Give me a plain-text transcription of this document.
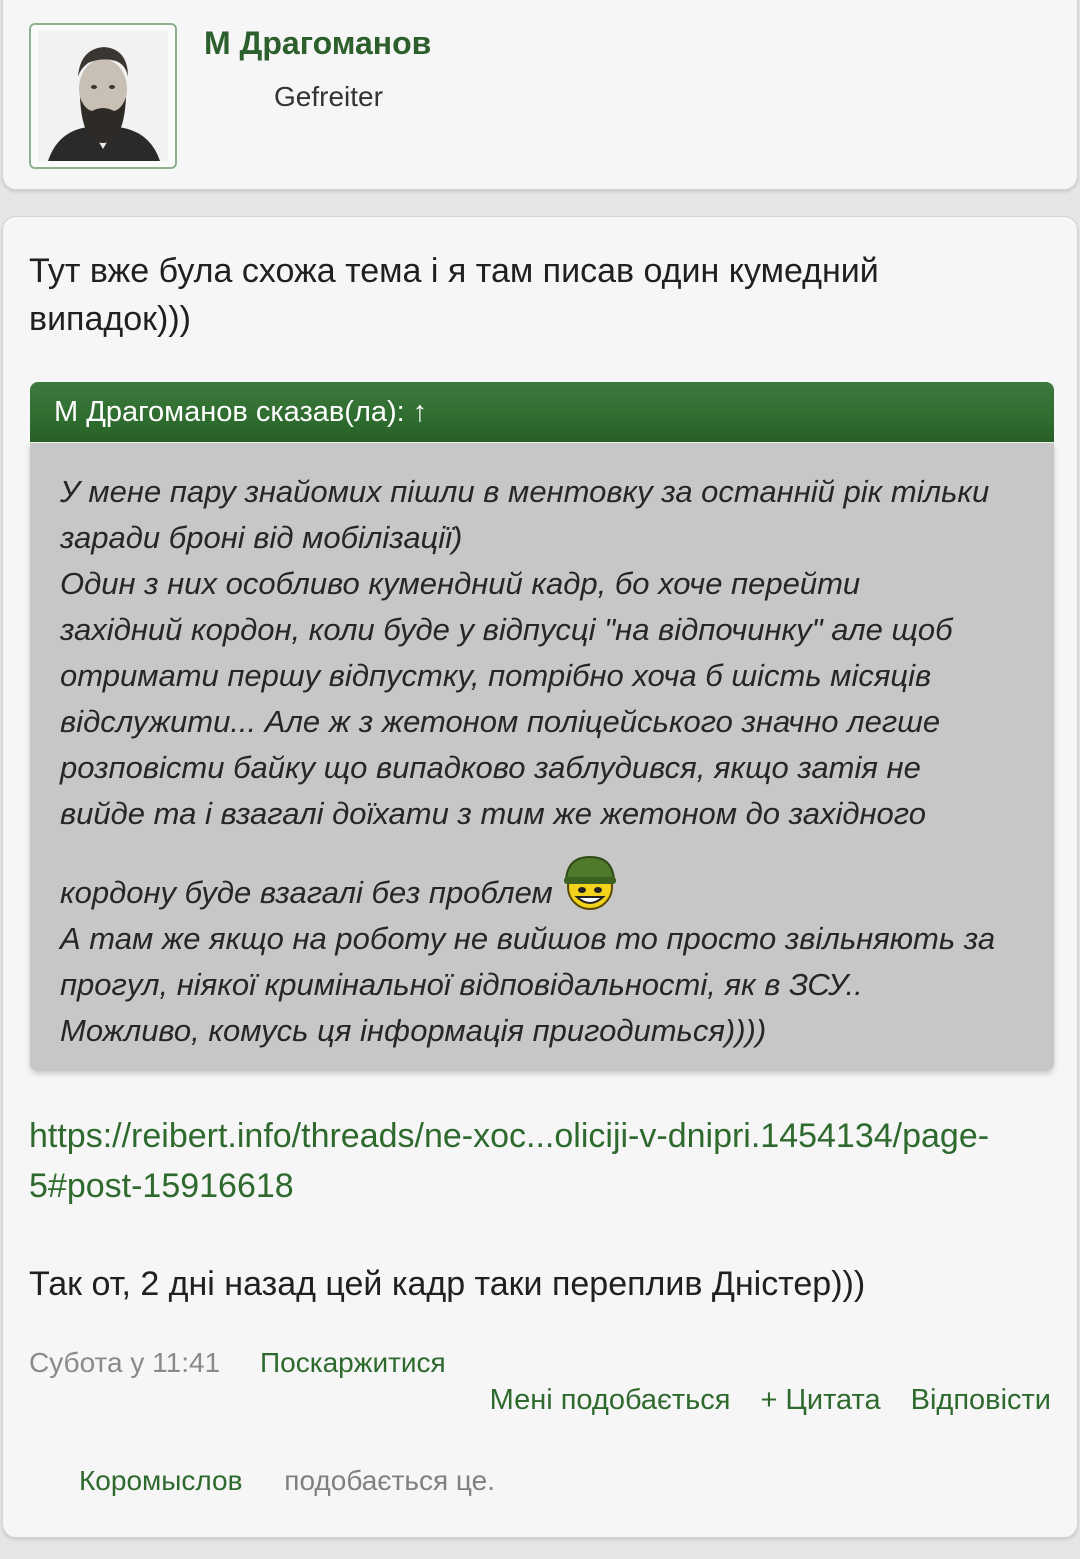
М Драгоманов
Gefreiter
Тут вже була схожа тема і я там писав один кумедний випадок)))
М Драгоманов сказав(ла): ↑
У мене пару знайомих пішли в ментовку за останній рік тільки
заради броні від мобілізації)
Один з них особливо кумендний кадр, бо хоче перейти
західний кордон, коли буде у відпусці "на відпочинку" але щоб
отримати першу відпустку, потрібно хоча б шість місяців
відслужити... Але ж з жетоном поліцейського значно легше
розповісти байку що випадково заблудився, якщо затія не
вийде та і взагалі доїхати з тим же жетоном до західного
кордону буде взагалі без проблем
А там же якщо на роботу не вийшов то просто звільняють за
прогул, ніякої кримінальної відповідальності, як в ЗСУ..
Можливо, комусь ця інформація пригодиться))))
https://reibert.info/threads/ne-xoc...oliciji-v-dnipri.1454134/page-5#post-15916618
Так от, 2 дні назад цей кадр таки переплив Дністер)))
Субота у 11:41 Поскаржитися
Мені подобається + Цитата Відповісти
Коромыслов подобається це.
